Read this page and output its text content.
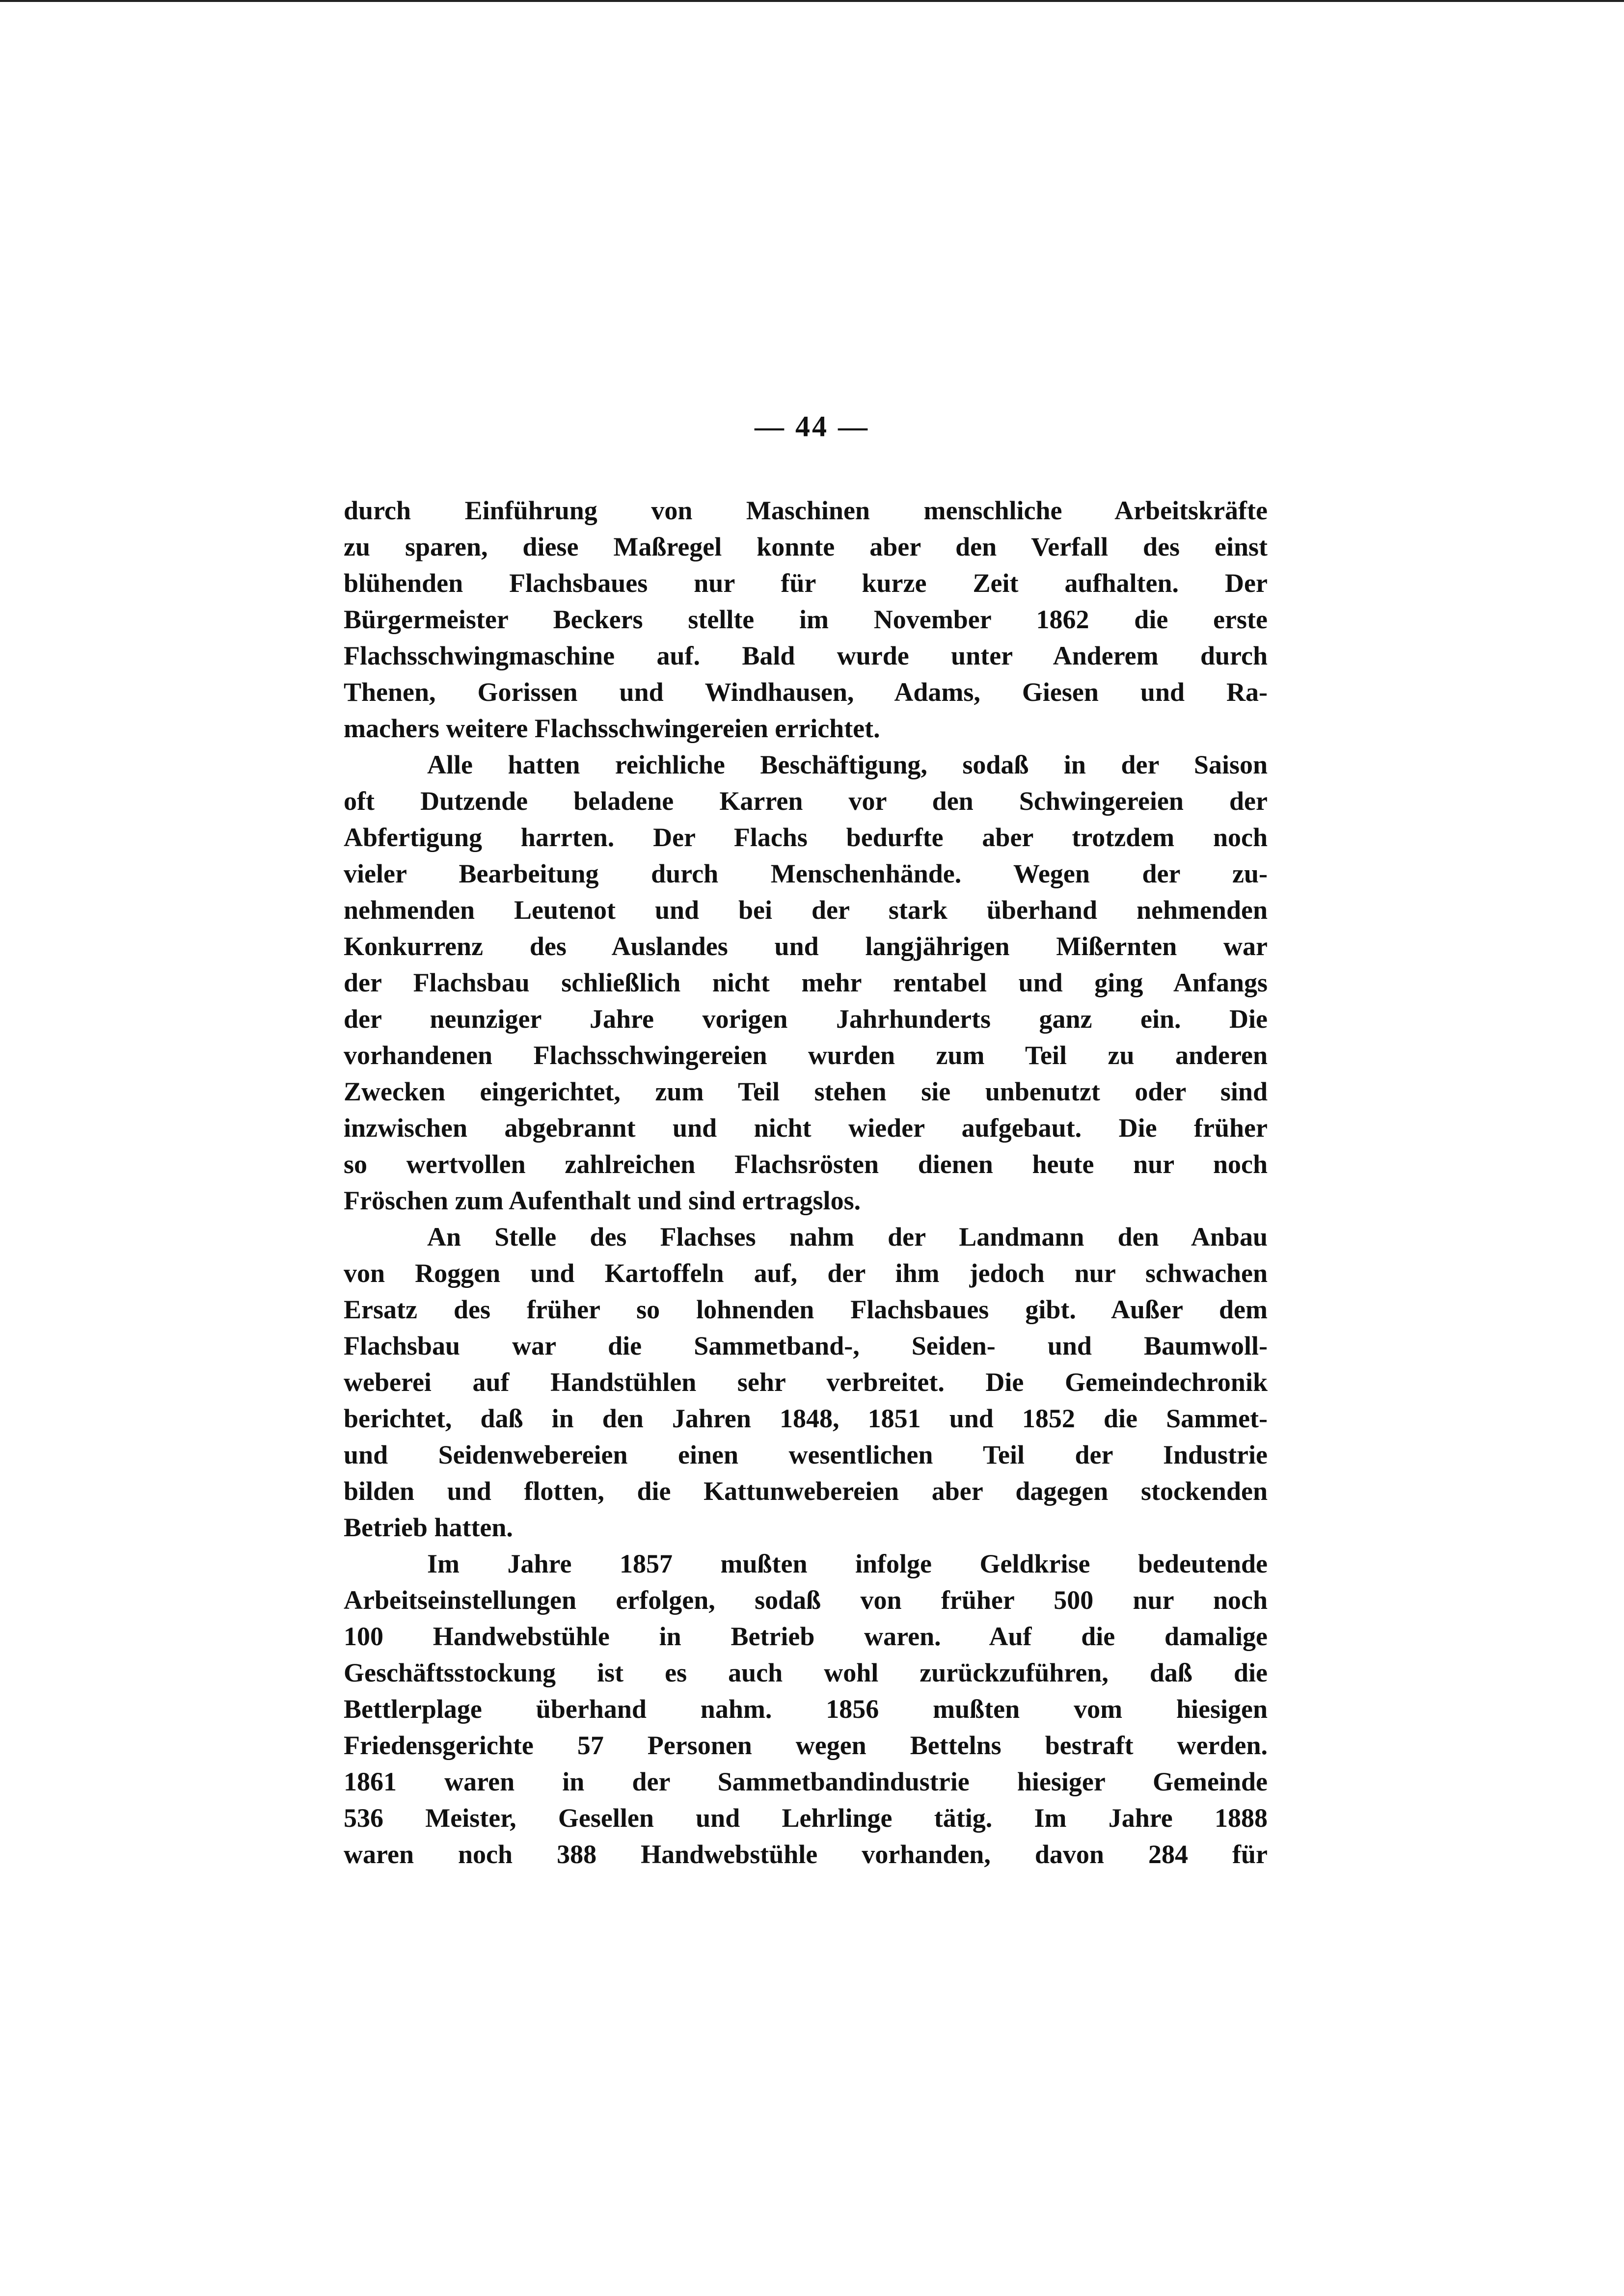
— 44 —
durch Einführung von Maschinen menschliche Arbeitskräfte
zu sparen, diese Maßregel konnte aber den Verfall des einst
blühenden Flachsbaues nur für kurze Zeit aufhalten. Der
Bürgermeister Beckers stellte im November 1862 die erste
Flachsschwingmaschine auf. Bald wurde unter Anderem durch
Thenen, Gorissen und Windhausen, Adams, Giesen und Ra-
machers weitere Flachsschwingereien errichtet.
Alle hatten reichliche Beschäftigung, sodaß in der Saison
oft Dutzende beladene Karren vor den Schwingereien der
Abfertigung harrten. Der Flachs bedurfte aber trotzdem noch
vieler Bearbeitung durch Menschenhände. Wegen der zu-
nehmenden Leutenot und bei der stark überhand nehmenden
Konkurrenz des Auslandes und langjährigen Mißernten war
der Flachsbau schließlich nicht mehr rentabel und ging Anfangs
der neunziger Jahre vorigen Jahrhunderts ganz ein. Die
vorhandenen Flachsschwingereien wurden zum Teil zu anderen
Zwecken eingerichtet, zum Teil stehen sie unbenutzt oder sind
inzwischen abgebrannt und nicht wieder aufgebaut. Die früher
so wertvollen zahlreichen Flachsrösten dienen heute nur noch
Fröschen zum Aufenthalt und sind ertragslos.
An Stelle des Flachses nahm der Landmann den Anbau
von Roggen und Kartoffeln auf, der ihm jedoch nur schwachen
Ersatz des früher so lohnenden Flachsbaues gibt. Außer dem
Flachsbau war die Sammetband-, Seiden- und Baumwoll-
weberei auf Handstühlen sehr verbreitet. Die Gemeindechronik
berichtet, daß in den Jahren 1848, 1851 und 1852 die Sammet-
und Seidenwebereien einen wesentlichen Teil der Industrie
bilden und flotten, die Kattunwebereien aber dagegen stockenden
Betrieb hatten.
Im Jahre 1857 mußten infolge Geldkrise bedeutende
Arbeitseinstellungen erfolgen, sodaß von früher 500 nur noch
100 Handwebstühle in Betrieb waren. Auf die damalige
Geschäftsstockung ist es auch wohl zurückzuführen, daß die
Bettlerplage überhand nahm. 1856 mußten vom hiesigen
Friedensgerichte 57 Personen wegen Bettelns bestraft werden.
1861 waren in der Sammetbandindustrie hiesiger Gemeinde
536 Meister, Gesellen und Lehrlinge tätig. Im Jahre 1888
waren noch 388 Handwebstühle vorhanden, davon 284 für
